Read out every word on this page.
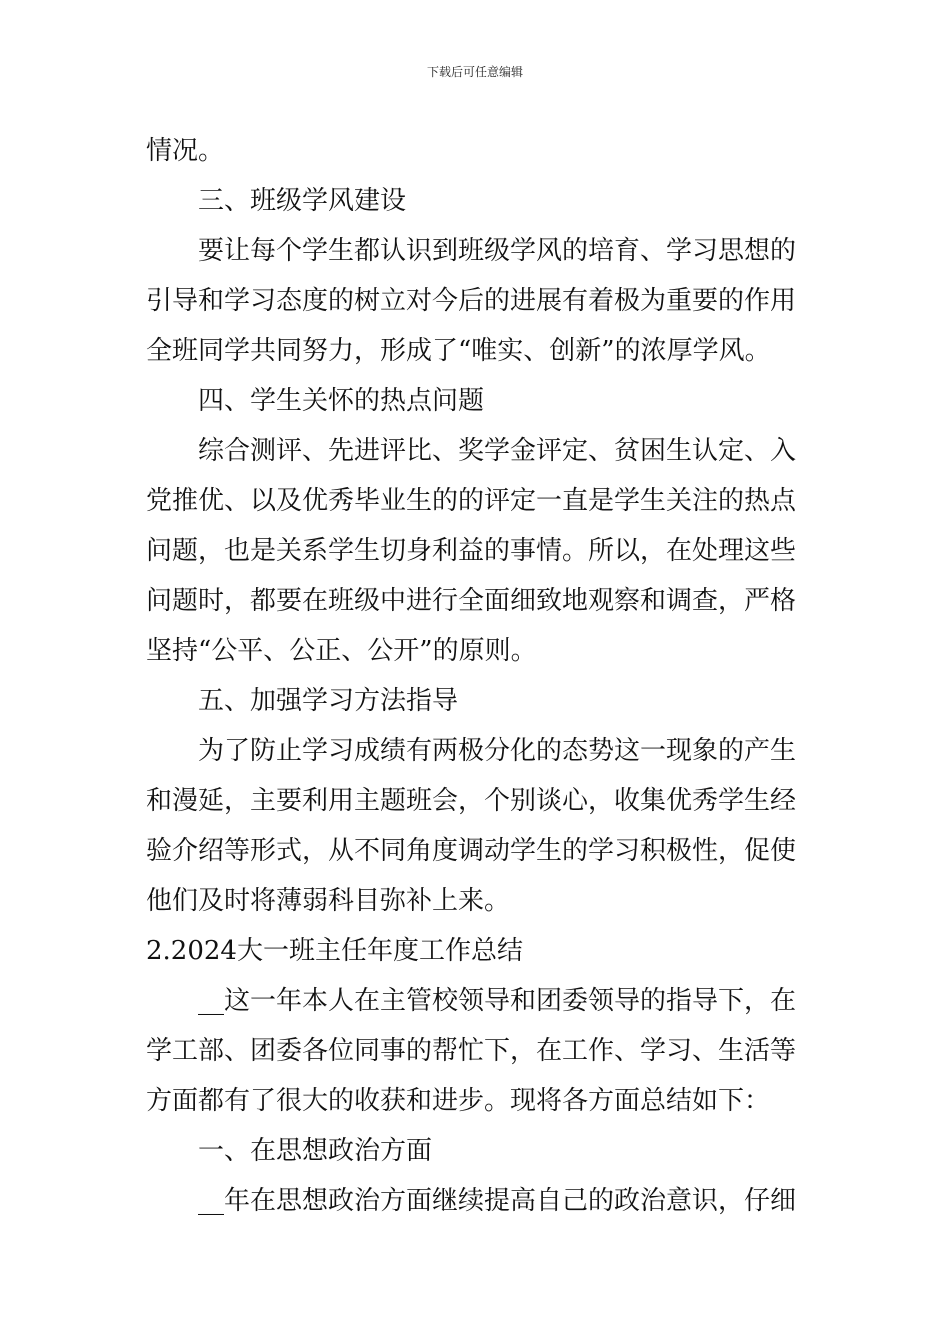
下载后可任意编辑
情况。
三、班级学风建设
要让每个学生都认识到班级学风的培育、学习思想的
引导和学习态度的树立对今后的进展有着极为重要的作用
全班同学共同努力，形成了“唯实、创新”的浓厚学风。
四、学生关怀的热点问题
综合测评、先进评比、奖学金评定、贫困生认定、入
党推优、以及优秀毕业生的的评定一直是学生关注的热点
问题，也是关系学生切身利益的事情。所以，在处理这些
问题时，都要在班级中进行全面细致地观察和调查，严格
坚持“公平、公正、公开”的原则。
五、加强学习方法指导
为了防止学习成绩有两极分化的态势这一现象的产生
和漫延，主要利用主题班会，个别谈心，收集优秀学生经
验介绍等形式，从不同角度调动学生的学习积极性，促使
他们及时将薄弱科目弥补上来。
2.2024大一班主任年度工作总结
__这一年本人在主管校领导和团委领导的指导下，在
学工部、团委各位同事的帮忙下，在工作、学习、生活等
方面都有了很大的收获和进步。现将各方面总结如下：
一、在思想政治方面
__年在思想政治方面继续提高自己的政治意识，仔细
